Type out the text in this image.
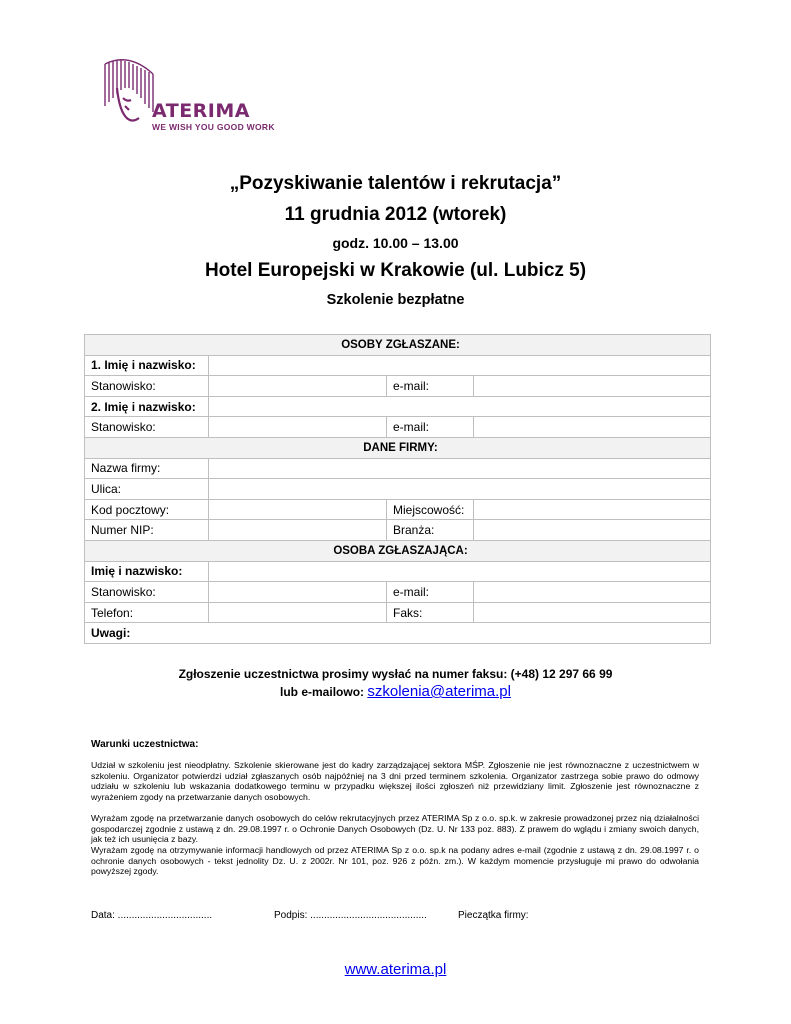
ATERIMA
WE WISH YOU GOOD WORK
„Pozyskiwanie talentów i rekrutacja”
11 grudnia 2012 (wtorek)
godz. 10.00 – 13.00
Hotel Europejski w Krakowie (ul. Lubicz 5)
Szkolenie bezpłatne
OSOBY ZGŁASZANE:			
1. Imię i nazwisko:			
Stanowisko:		e-mail:	
2. Imię i nazwisko:			
Stanowisko:		e-mail:	
DANE FIRMY:			
Nazwa firmy:			
Ulica:			
Kod pocztowy:		Miejscowość:	
Numer NIP:		Branża:	
OSOBA ZGŁASZAJĄCA:			
Imię i nazwisko:			
Stanowisko:		e-mail:	
Telefon:		Faks:	
Uwagi:			
Zgłoszenie uczestnictwa prosimy wysłać na numer faksu: (+48) 12 297 66 99
lub e-mailowo: szkolenia@aterima.pl
Warunki uczestnictwa:
Udział w szkoleniu jest nieodpłatny. Szkolenie skierowane jest do kadry zarządzającej sektora MŚP. Zgłoszenie nie jest równoznaczne z uczestnictwem w szkoleniu. Organizator potwierdzi udział zgłaszanych osób najpóźniej na 3 dni przed terminem szkolenia. Organizator zastrzega sobie prawo do odmowy udziału w szkoleniu lub wskazania dodatkowego terminu w przypadku większej ilości zgłoszeń niż przewidziany limit. Zgłoszenie jest równoznaczne z wyrażeniem zgody na przetwarzanie danych osobowych.
Wyrażam zgodę na przetwarzanie danych osobowych do celów rekrutacyjnych przez ATERIMA Sp z o.o. sp.k. w zakresie prowadzonej przez nią działalności gospodarczej zgodnie z ustawą z dn. 29.08.1997 r. o Ochronie Danych Osobowych (Dz. U. Nr 133 poz. 883). Z prawem do wglądu i zmiany swoich danych, jak też ich usunięcia z bazy.
Wyrażam zgodę na otrzymywanie informacji handlowych od przez ATERIMA Sp z o.o. sp.k na podany adres e-mail (zgodnie z ustawą z dn. 29.08.1997 r. o ochronie danych osobowych - tekst jednolity Dz. U. z 2002r. Nr 101, poz. 926 z późn. zm.). W każdym momencie przysługuje mi prawo do odwołania powyższej zgody.
Data: ..................................	Podpis: ..........................................	Pieczątka firmy:
www.aterima.pl
